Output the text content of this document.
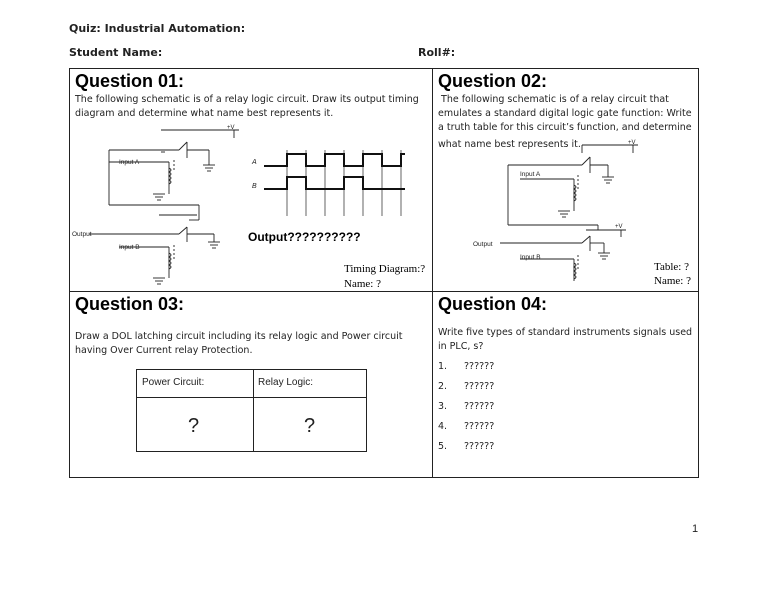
Quiz: Industrial Automation:
Student Name:	Roll#:
Question 01:
The following schematic is of a relay logic circuit. Draw its output timing
diagram and determine what name best represents it.
+V
Input A
Output
Input B
A
B
Output??????????
Timing Diagram:?
Name: ?
Question 02:
The following schematic is of a relay circuit that
emulates a standard digital logic gate function: Write
a truth table for this circuit’s function, and determine
what name best represents it.	+V
+V
Input A
Output
Input B
Table: ?
Name: ?
Question 03:
Draw a DOL latching circuit including its relay logic and Power circuit
having Over Current relay Protection.
Power Circuit:	Relay Logic:
?	?
Question 04:
Write five types of standard instruments signals used
in PLC, s?
1. ??????
2. ??????
3. ??????
4. ??????
5. ??????
1
